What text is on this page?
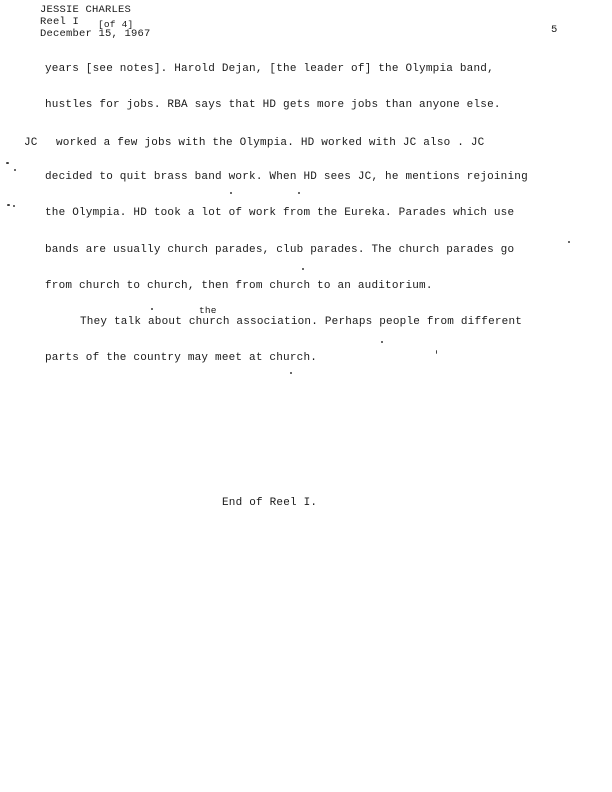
JESSIE CHARLES
Reel I [of 4]
December 15, 1967	5
years [see notes]. Harold Dejan, [the leader of] the Olympia band,
hustles for jobs. RBA says that HD gets more jobs than anyone else.
JC worked a few jobs with the Olympia. HD worked with JC also . JC
decided to quit brass band work. When HD sees JC, he mentions rejoining
the Olympia. HD took a lot of work from the Eureka. Parades which use
bands are usually church parades, club parades. The church parades go
from church to church, then from church to an auditorium.
the
They talk about church association. Perhaps people from different
parts of the country may meet at church.
End of Reel I.
